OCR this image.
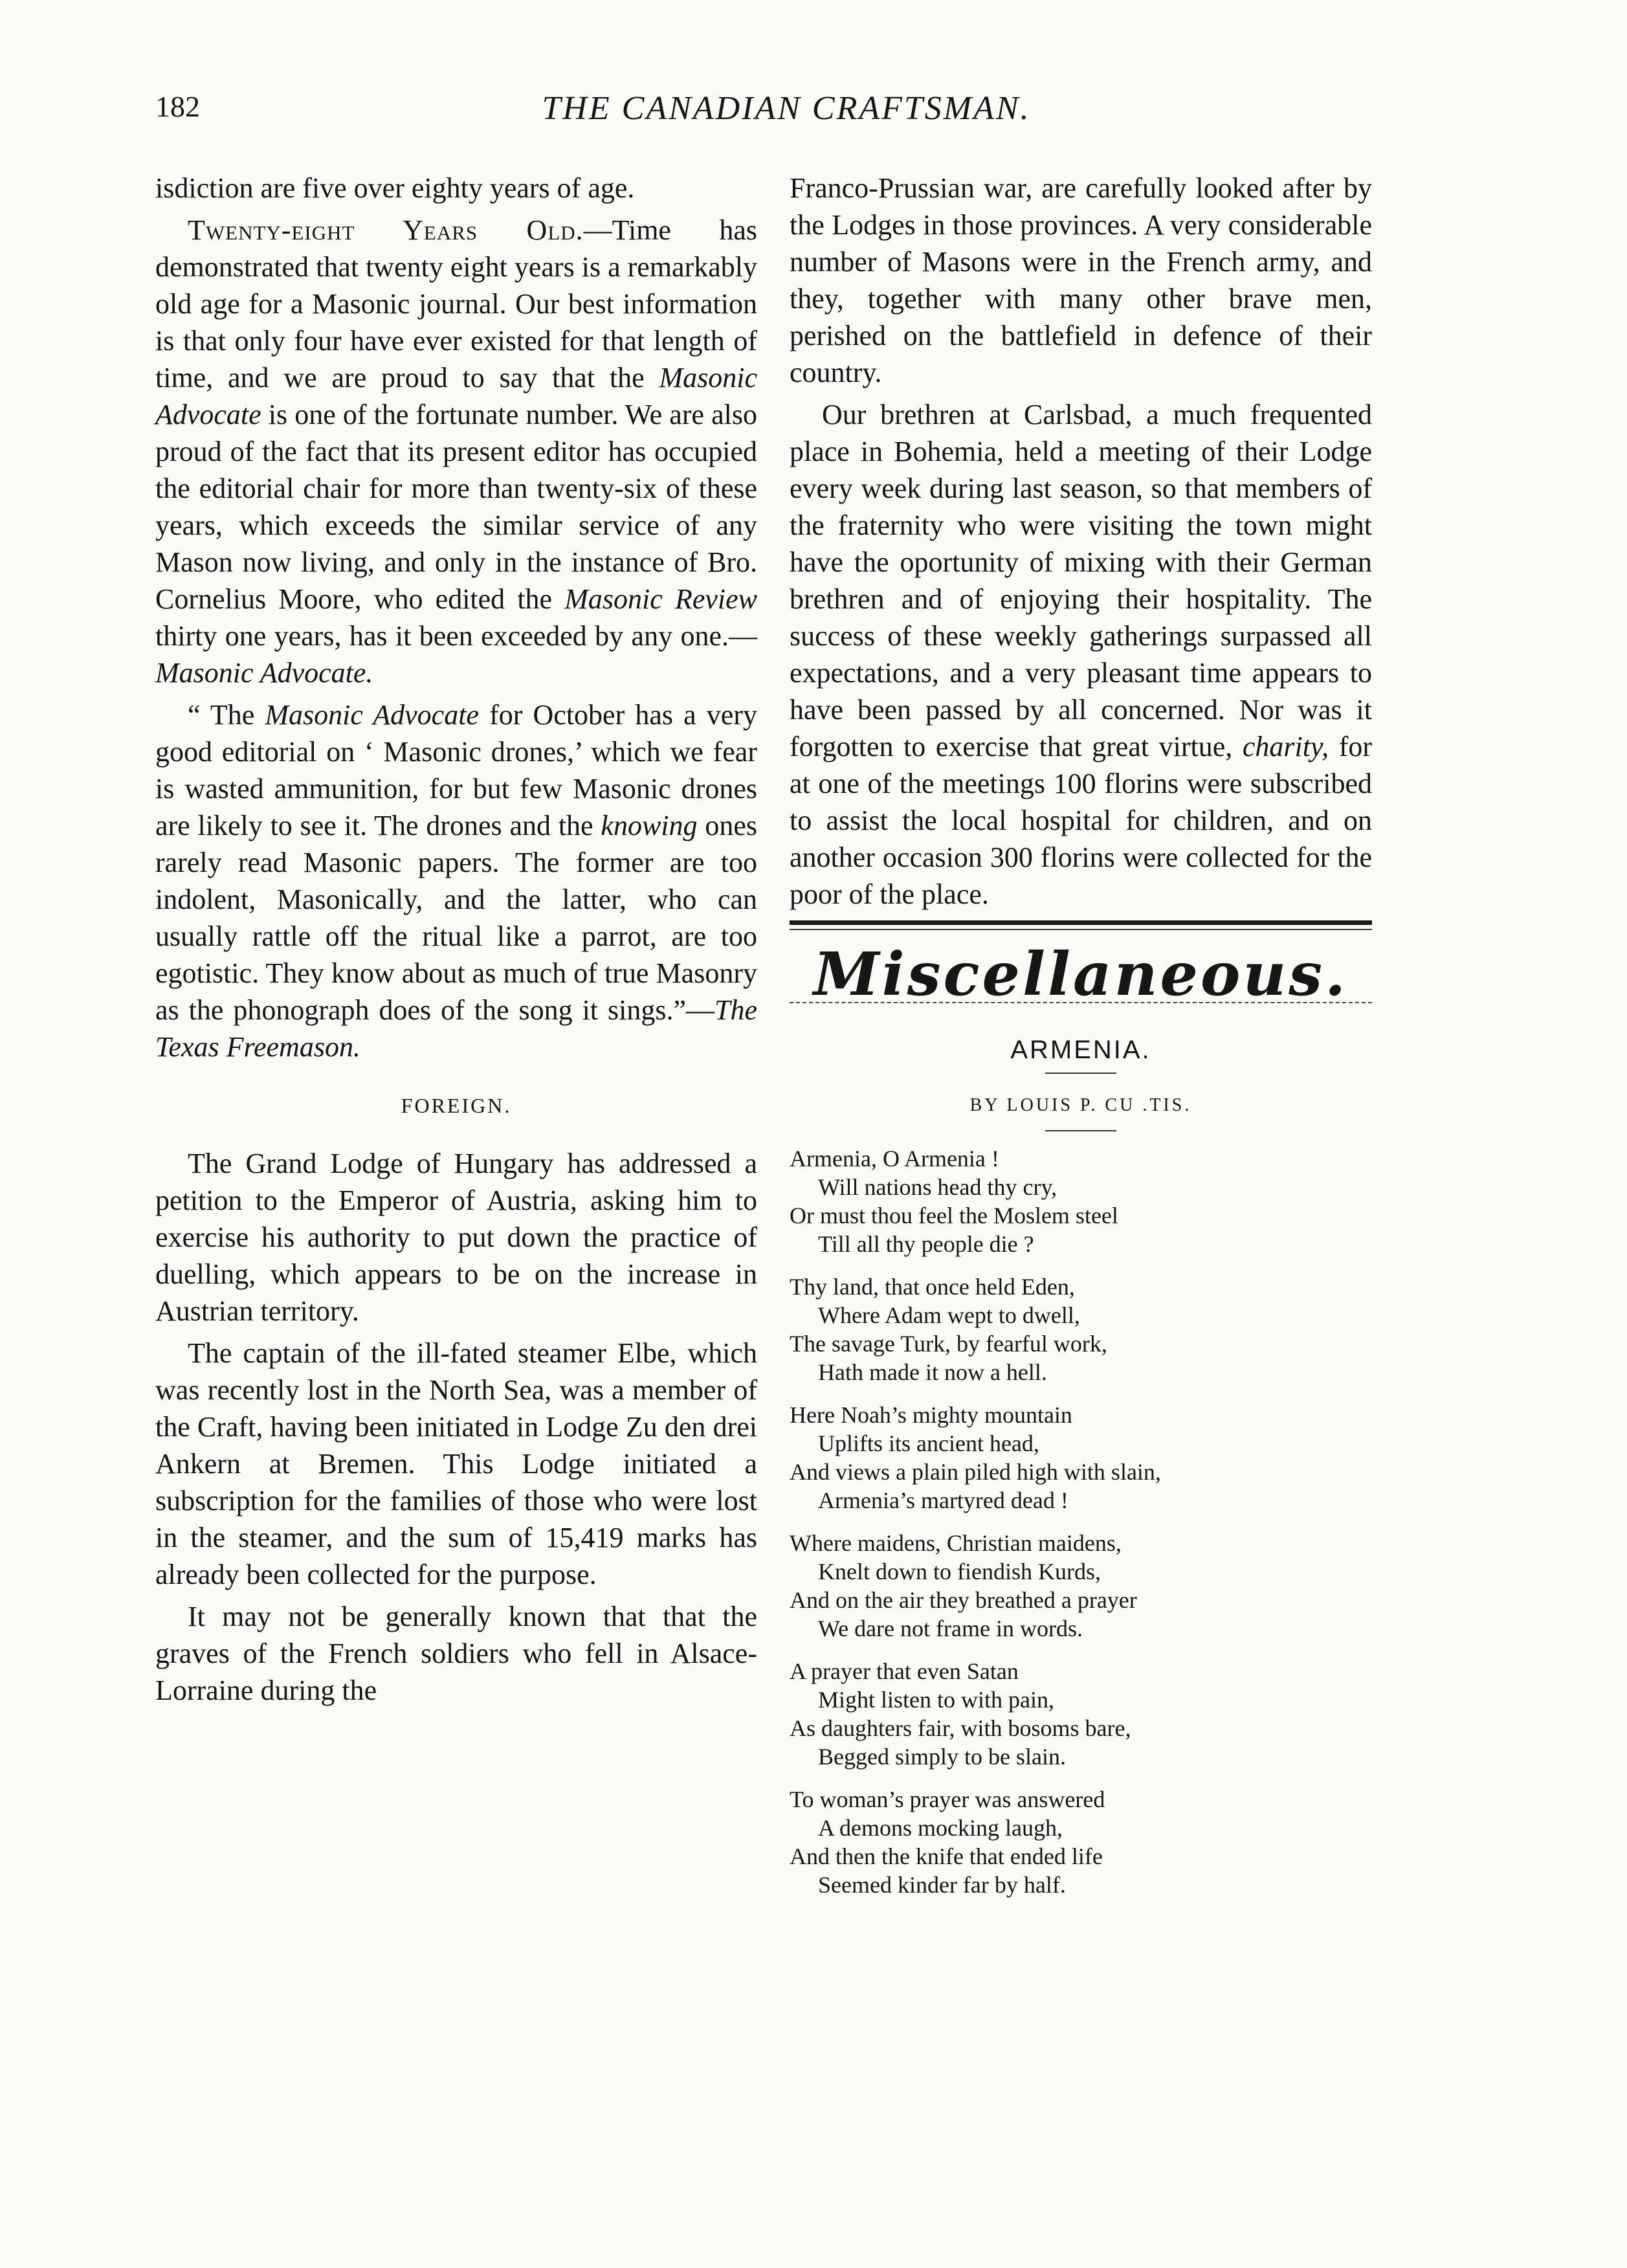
182	THE CANADIAN CRAFTSMAN.

isdiction are five over eighty years of age.

Twenty-eight Years Old.—Time has demonstrated that twenty eight years is a remarkably old age for a Masonic journal. Our best information is that only four have ever existed for that length of time, and we are proud to say that the Masonic Advocate is one of the fortunate number. We are also proud of the fact that its present editor has occupied the editorial chair for more than twenty-six of these years, which exceeds the similar service of any Mason now living, and only in the instance of Bro. Cornelius Moore, who edited the Masonic Review thirty one years, has it been exceeded by any one.—Masonic Advocate.

“ The Masonic Advocate for October has a very good editorial on ‘ Masonic drones,’ which we fear is wasted ammunition, for but few Masonic drones are likely to see it. The drones and the knowing ones rarely read Masonic papers. The former are too indolent, Masonically, and the latter, who can usually rattle off the ritual like a parrot, are too egotistic. They know about as much of true Masonry as the phonograph does of the song it sings.”—The Texas Freemason.

FOREIGN.

The Grand Lodge of Hungary has addressed a petition to the Emperor of Austria, asking him to exercise his authority to put down the practice of duelling, which appears to be on the increase in Austrian territory.

The captain of the ill-fated steamer Elbe, which was recently lost in the North Sea, was a member of the Craft, having been initiated in Lodge Zu den drei Ankern at Bremen. This Lodge initiated a subscription for the families of those who were lost in the steamer, and the sum of 15,419 marks has already been collected for the purpose.

It may not be generally known that that the graves of the French soldiers who fell in Alsace-Lorraine during the

Franco-Prussian war, are carefully looked after by the Lodges in those provinces. A very considerable number of Masons were in the French army, and they, together with many other brave men, perished on the battlefield in defence of their country.

Our brethren at Carlsbad, a much frequented place in Bohemia, held a meeting of their Lodge every week during last season, so that members of the fraternity who were visiting the town might have the oportunity of mixing with their German brethren and of enjoying their hospitality. The success of these weekly gatherings surpassed all expectations, and a very pleasant time appears to have been passed by all concerned. Nor was it forgotten to exercise that great virtue, charity, for at one of the meetings 100 florins were subscribed to assist the local hospital for children, and on another occasion 300 florins were collected for the poor of the place.

Miscellaneous.
ARMENIA.
BY LOUIS P. CU .TIS.
Armenia, O Armenia !
Will nations head thy cry,
Or must thou feel the Moslem steel
Till all thy people die ?
Thy land, that once held Eden,
Where Adam wept to dwell,
The savage Turk, by fearful work,
Hath made it now a hell.
Here Noah’s mighty mountain
Uplifts its ancient head,
And views a plain piled high with slain,
Armenia’s martyred dead !
Where maidens, Christian maidens,
Knelt down to fiendish Kurds,
And on the air they breathed a prayer
We dare not frame in words.
A prayer that even Satan
Might listen to with pain,
As daughters fair, with bosoms bare,
Begged simply to be slain.
To woman’s prayer was answered
A demons mocking laugh,
And then the knife that ended life
Seemed kinder far by half.
